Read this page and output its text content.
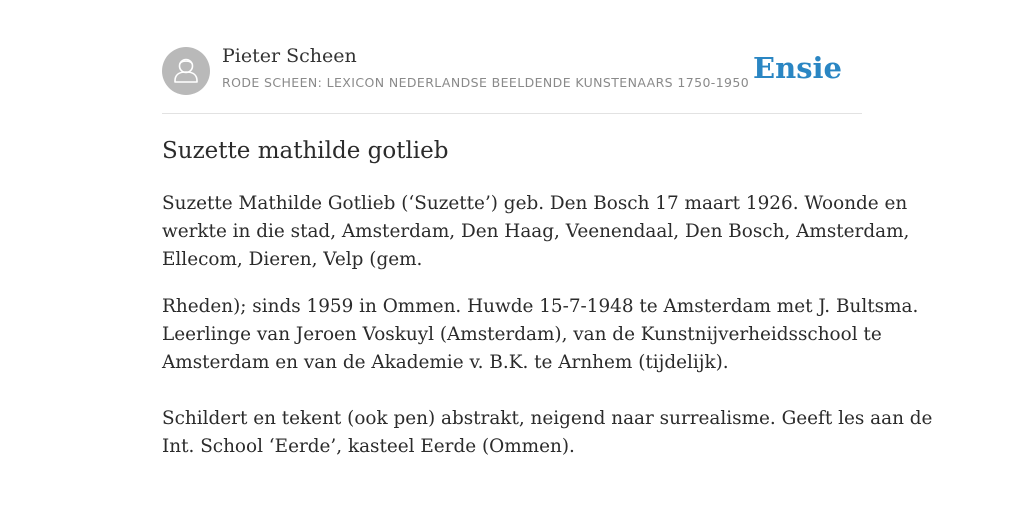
Pieter Scheen
RODE SCHEEN: LEXICON NEDERLANDSE BEELDENDE KUNSTENAARS 1750-1950 Ensie
Suzette mathilde gotlieb

Suzette Mathilde Gotlieb (‘Suzette’) geb. Den Bosch 17 maart 1926. Woonde en
werkte in die stad, Amsterdam, Den Haag, Veenendaal, Den Bosch, Amsterdam,
Ellecom, Dieren, Velp (gem.

Rheden); sinds 1959 in Ommen. Huwde 15-7-1948 te Amsterdam met J. Bultsma.
Leerlinge van Jeroen Voskuyl (Amsterdam), van de Kunstnijverheidsschool te
Amsterdam en van de Akademie v. B.K. te Arnhem (tijdelijk).

Schildert en tekent (ook pen) abstrakt, neigend naar surrealisme. Geeft les aan de
Int. School ‘Eerde’, kasteel Eerde (Ommen).
